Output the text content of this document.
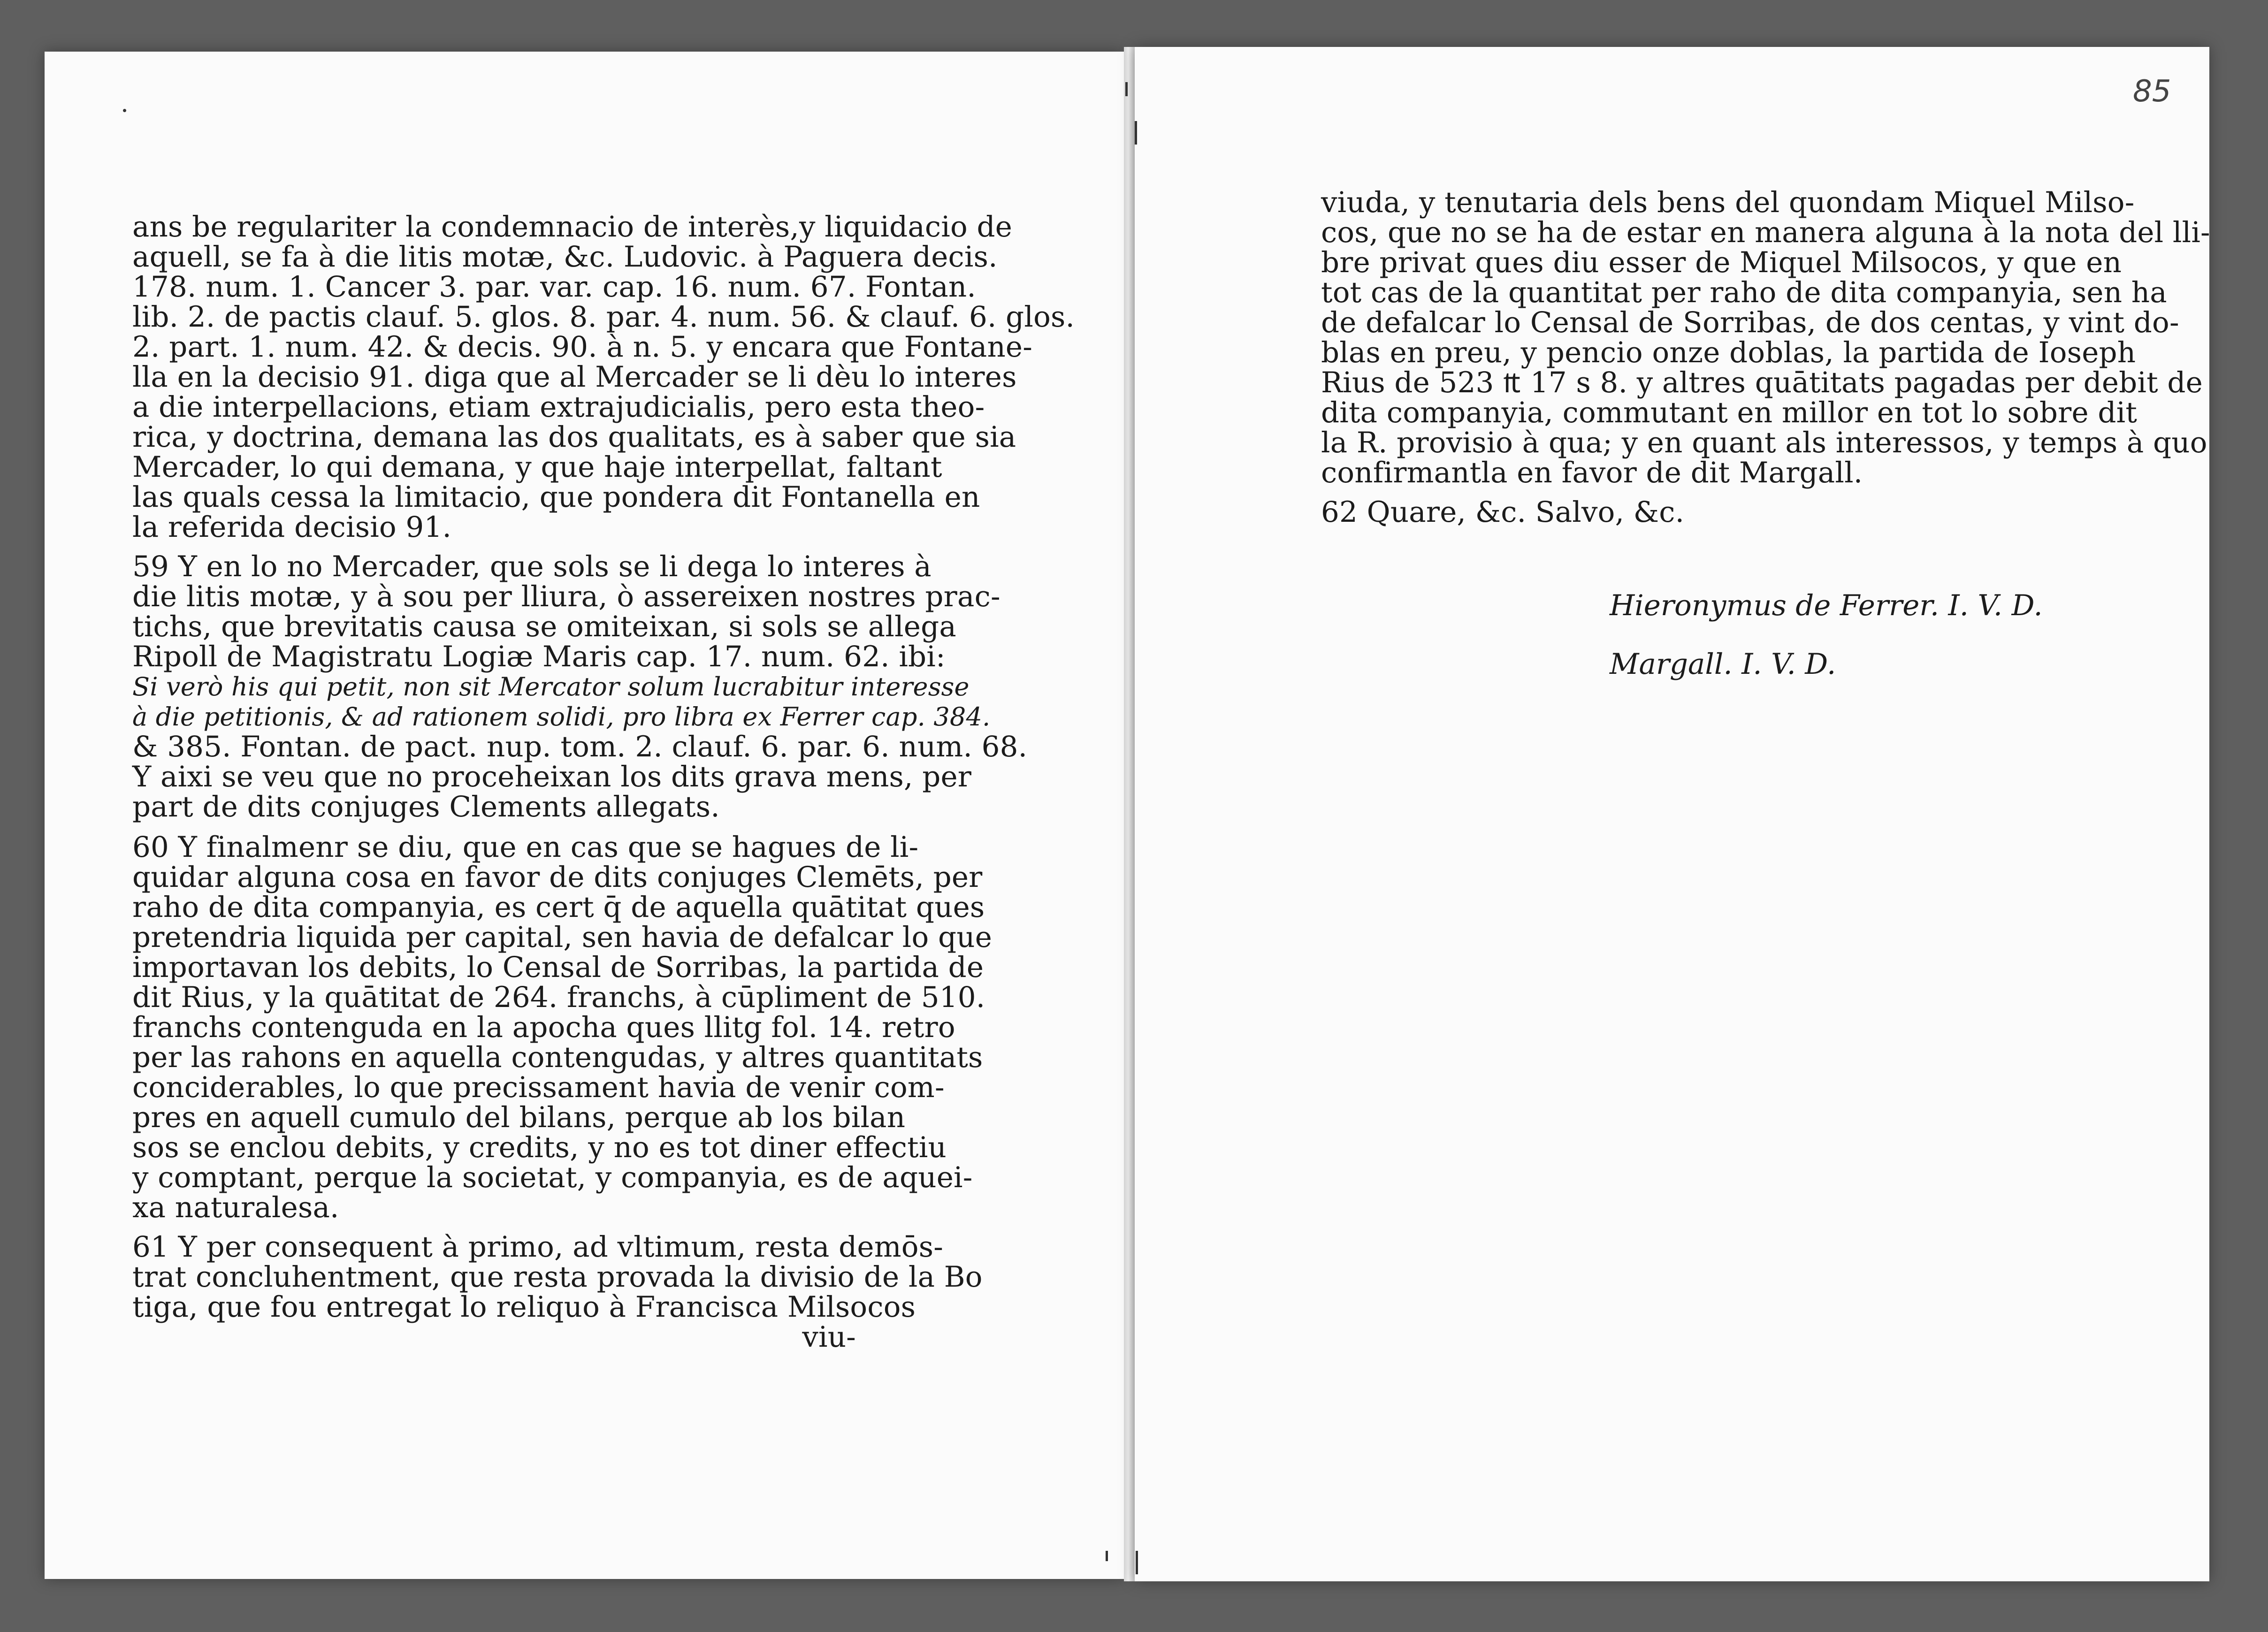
85
ans be regulariter la condemnacio de interès,y liquidacio de
aquell, se fa à die litis motæ, &c. Ludovic. à Paguera decis.
178. num. 1. Cancer 3. par. var. cap. 16. num. 67. Fontan.
lib. 2. de pactis clauf. 5. glos. 8. par. 4. num. 56. & clauf. 6. glos.
2. part. 1. num. 42. & decis. 90. à n. 5. y encara que Fontane-
lla en la decisio 91. diga que al Mercader se li dèu lo interes
a die interpellacions, etiam extrajudicialis, pero esta theo-
rica, y doctrina, demana las dos qualitats, es à saber que sia
Mercader, lo qui demana, y que haje interpellat, faltant
las quals cessa la limitacio, que pondera dit Fontanella en
la referida decisio 91.
59 Y en lo no Mercader, que sols se li dega lo interes à
die litis motæ, y à sou per lliura, ò assereixen nostres prac-
tichs, que brevitatis causa se omiteixan, si sols se allega
Ripoll de Magistratu Logiæ Maris cap. 17. num. 62. ibi:
Si verò his qui petit, non sit Mercator solum lucrabitur interesse
à die petitionis, & ad rationem solidi, pro libra ex Ferrer cap. 384.
& 385. Fontan. de pact. nup. tom. 2. clauf. 6. par. 6. num. 68.
Y aixi se veu que no proceheixan los dits grava mens, per
part de dits conjuges Clements allegats.
60 Y finalmenr se diu, que en cas que se hagues de li-
quidar alguna cosa en favor de dits conjuges Clemēts, per
raho de dita companyia, es cert q̄ de aquella quātitat ques
pretendria liquida per capital, sen havia de defalcar lo que
importavan los debits, lo Censal de Sorribas, la partida de
dit Rius, y la quātitat de 264. franchs, à cūpliment de 510.
franchs contenguda en la apocha ques llitg fol. 14. retro
per las rahons en aquella contengudas, y altres quantitats
conciderables, lo que precissament havia de venir com-
pres en aquell cumulo del bilans, perque ab los bilan
sos se enclou debits, y credits, y no es tot diner effectiu
y comptant, perque la societat, y companyia, es de aquei-
xa naturalesa.
61 Y per consequent à primo, ad vltimum, resta demōs-
trat concluhentment, que resta provada la divisio de la Bo
tiga, que fou entregat lo reliquo à Francisca Milsocos
viu-
viuda, y tenutaria dels bens del quondam Miquel Milso-
cos, que no se ha de estar en manera alguna à la nota del lli-
bre privat ques diu esser de Miquel Milsocos, y que en
tot cas de la quantitat per raho de dita companyia, sen ha
de defalcar lo Censal de Sorribas, de dos centas, y vint do-
blas en preu, y pencio onze doblas, la partida de Ioseph
Rius de 523 ₶ 17 s 8. y altres quātitats pagadas per debit de
dita companyia, commutant en millor en tot lo sobre dit
la R. provisio à qua; y en quant als interessos, y temps à quo
confirmantla en favor de dit Margall.
62 Quare, &c. Salvo, &c.
Hieronymus de Ferrer. I. V. D.
Margall. I. V. D.
